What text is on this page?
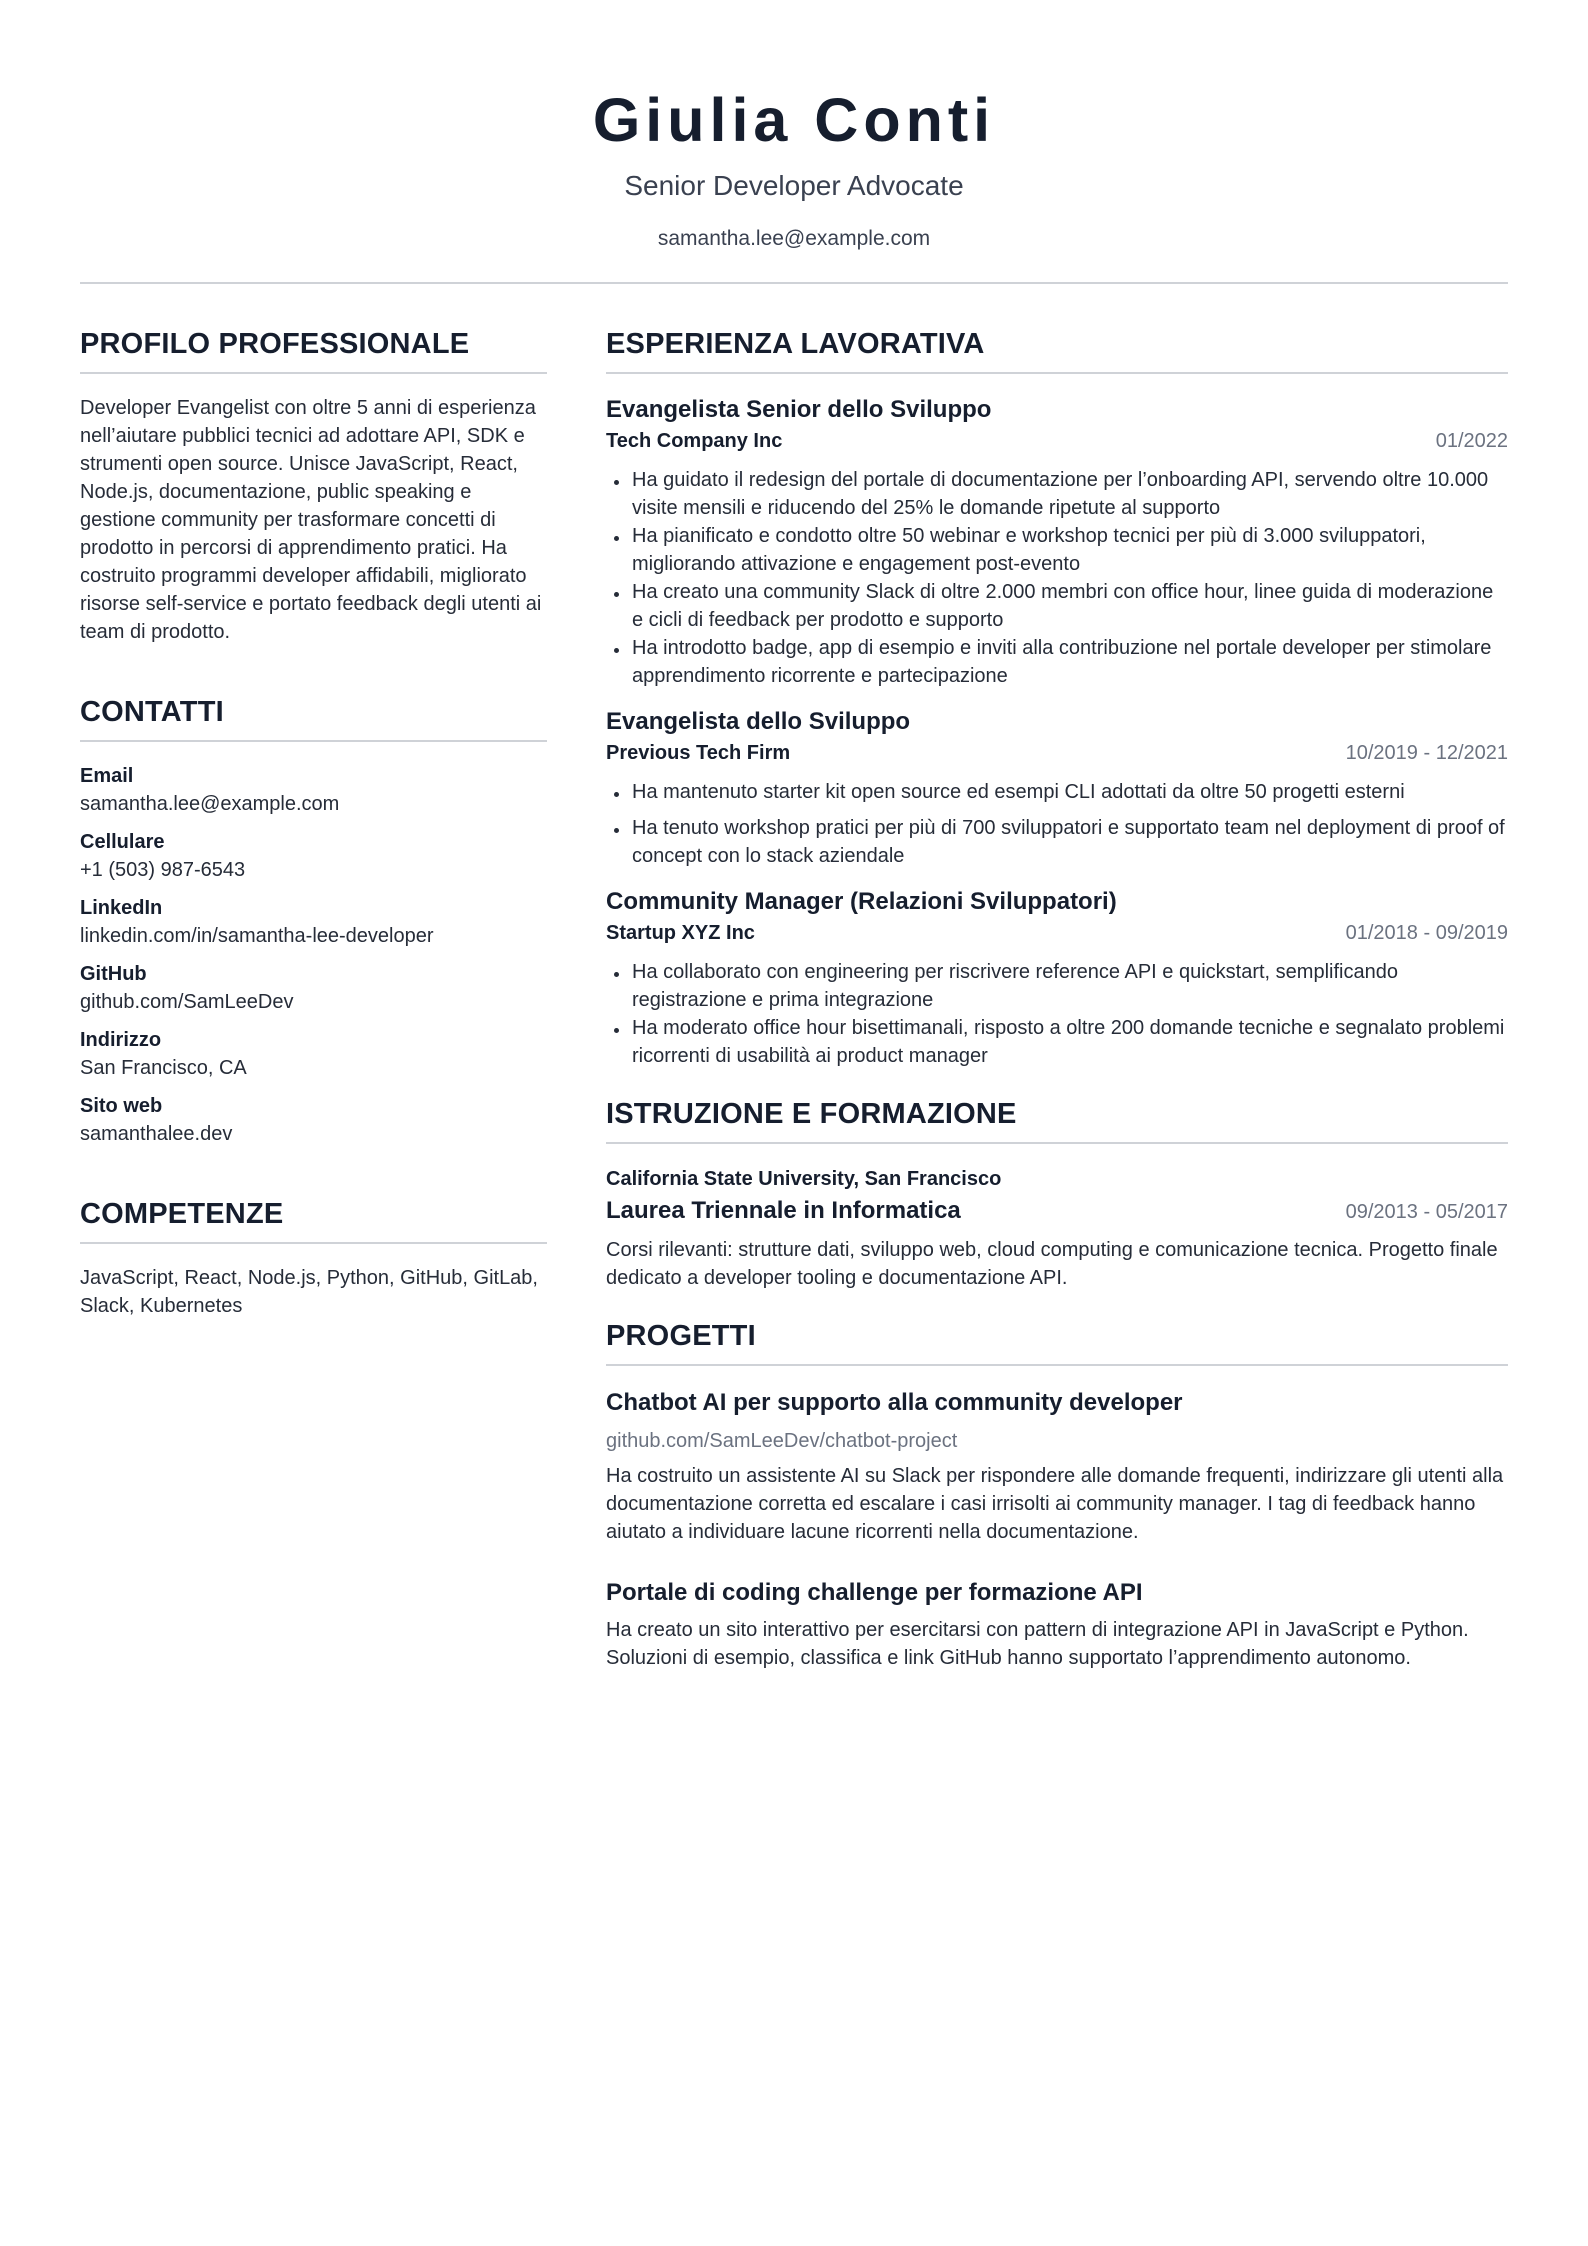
Giulia Conti
Senior Developer Advocate
samantha.lee@example.com
PROFILO PROFESSIONALE

Developer Evangelist con oltre 5 anni di esperienza nell’aiutare pubblici tecnici ad adottare API, SDK e strumenti open source. Unisce JavaScript, React, Node.js, documentazione, public speaking e gestione community per trasformare concetti di prodotto in percorsi di apprendimento pratici. Ha costruito programmi developer affidabili, migliorato risorse self-service e portato feedback degli utenti ai team di prodotto.

CONTATTI
Email
samantha.lee@example.com
Cellulare
+1 (503) 987-6543
LinkedIn
linkedin.com/in/samantha-lee-developer
GitHub
github.com/SamLeeDev
Indirizzo
San Francisco, CA
Sito web
samanthalee.dev
COMPETENZE

JavaScript, React, Node.js, Python, GitHub, GitLab, Slack, Kubernetes

ESPERIENZA LAVORATIVA
Evangelista Senior dello Sviluppo
Tech Company Inc	01/2022
Ha guidato il redesign del portale di documentazione per l’onboarding API, servendo oltre 10.000 visite mensili e riducendo del 25% le domande ripetute al supporto
Ha pianificato e condotto oltre 50 webinar e workshop tecnici per più di 3.000 sviluppatori, migliorando attivazione e engagement post-evento
Ha creato una community Slack di oltre 2.000 membri con office hour, linee guida di moderazione e cicli di feedback per prodotto e supporto
Ha introdotto badge, app di esempio e inviti alla contribuzione nel portale developer per stimolare apprendimento ricorrente e partecipazione
Evangelista dello Sviluppo
Previous Tech Firm	10/2019 - 12/2021
Ha mantenuto starter kit open source ed esempi CLI adottati da oltre 50 progetti esterni
Ha tenuto workshop pratici per più di 700 sviluppatori e supportato team nel deployment di proof of concept con lo stack aziendale
Community Manager (Relazioni Sviluppatori)
Startup XYZ Inc	01/2018 - 09/2019
Ha collaborato con engineering per riscrivere reference API e quickstart, semplificando registrazione e prima integrazione
Ha moderato office hour bisettimanali, risposto a oltre 200 domande tecniche e segnalato problemi ricorrenti di usabilità ai product manager
ISTRUZIONE E FORMAZIONE
California State University, San Francisco
Laurea Triennale in Informatica	09/2013 - 05/2017

Corsi rilevanti: strutture dati, sviluppo web, cloud computing e comunicazione tecnica. Progetto finale dedicato a developer tooling e documentazione API.

PROGETTI
Chatbot AI per supporto alla community developer
github.com/SamLeeDev/chatbot-project

Ha costruito un assistente AI su Slack per rispondere alle domande frequenti, indirizzare gli utenti alla documentazione corretta ed escalare i casi irrisolti ai community manager. I tag di feedback hanno aiutato a individuare lacune ricorrenti nella documentazione.

Portale di coding challenge per formazione API

Ha creato un sito interattivo per esercitarsi con pattern di integrazione API in JavaScript e Python. Soluzioni di esempio, classifica e link GitHub hanno supportato l’apprendimento autonomo.
